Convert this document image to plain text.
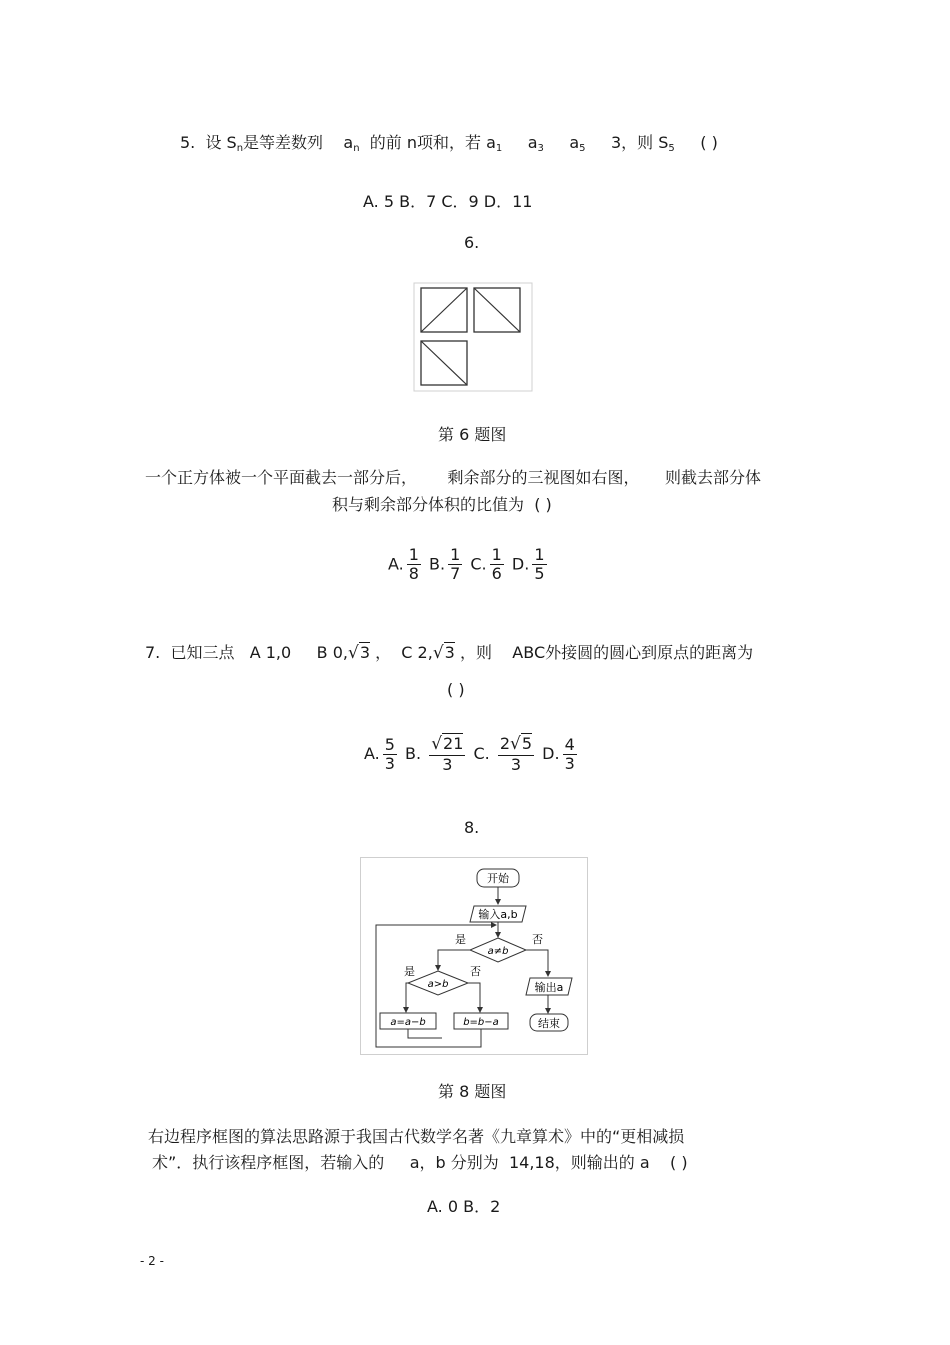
5. 设 $S_n$是等差数列 $a_n$ 的前 n项和，若 $a_1$ $a_3$ $a_5$ 3，则 $S_5$ ( )
A. 5 B．7 C．9 D．11
6.
第 6 题图
一个正方体被一个平面截去一部分后， 剩余部分的三视图如右图， 则截去部分体
积与剩余部分体积的比值为 ( )
A. $\frac{1}{8} B$. $\frac{1}{7} C$. $\frac{1}{6} D$. $\frac{1}{5}$
7. 已知三点 A 1,0 B 0,√3 ， C 2,√3 ，则 ABC外接圆的圆心到原点的距离为
( )
A. $\frac{5}{3} B$. $\frac{√21}{3} C$. $\frac{2√5}{3} D$. $\frac{4}{3}$
8.
开始
输入a,b
a≠b
是	否
a>b
是	否
a=a−b	b=b−a
输出a
结束
第 8 题图
右边程序框图的算法思路源于我国古代数学名著《九章算术》中的“更相减损
术”．执行该程序框图，若输入的 a，b 分别为 14,18，则输出的 a ( )
A. 0 B．2
- 2 -
